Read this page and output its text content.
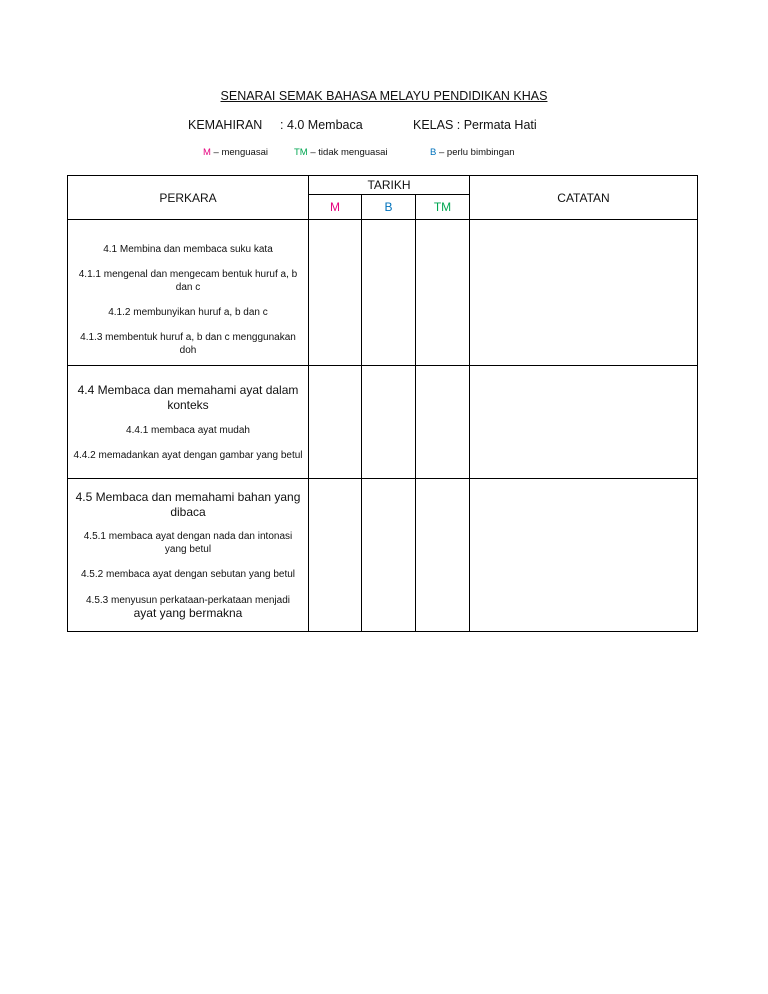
SENARAI SEMAK BAHASA MELAYU PENDIDIKAN KHAS
KEMAHIRAN : 4.0 Membaca	KELAS : Permata Hati
M – menguasai	TM – tidak menguasai	B – perlu bimbingan
PERKARA	TARIKH			CATATAN
	M	B	TM	

4.1 Membina dan membaca suku kata
4.1.1 mengenal dan mengecam bentuk huruf a, b dan c
4.1.2 membunyikan huruf a, b dan c
4.1.3 membentuk huruf a, b dan c menggunakan doh				

4.4 Membaca dan memahami ayat dalam konteks
4.4.1 membaca ayat mudah
4.4.2 memadankan ayat dengan gambar yang betul				

4.5 Membaca dan memahami bahan yang dibaca
4.5.1 membaca ayat dengan nada dan intonasi yang betul
4.5.2 membaca ayat dengan sebutan yang betul
4.5.3 menyusun perkataan-perkataan menjadi ayat yang bermakna				
